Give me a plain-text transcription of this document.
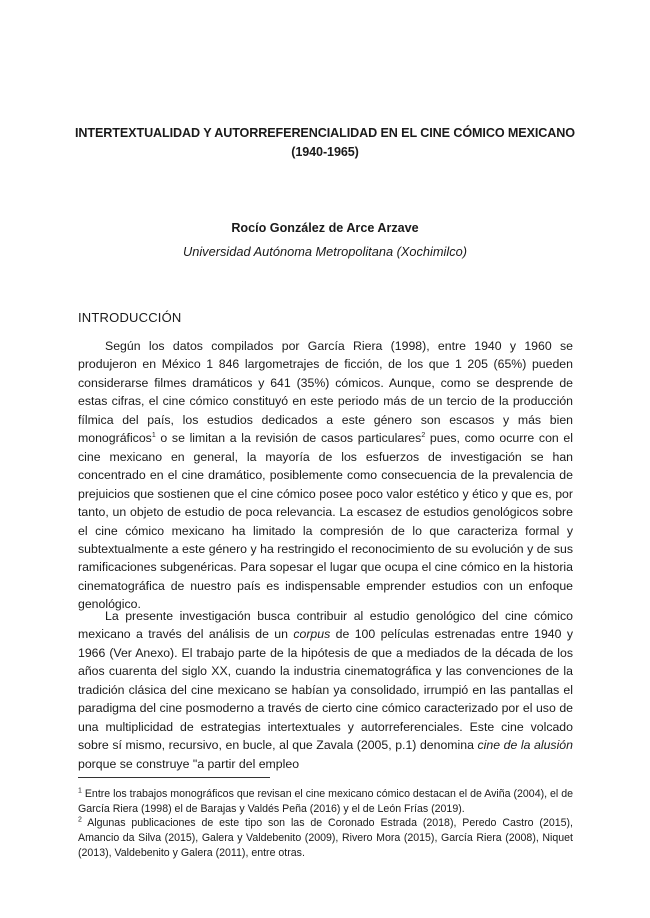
INTERTEXTUALIDAD Y AUTORREFERENCIALIDAD EN EL CINE CÓMICO MEXICANO
(1940-1965)
Rocío González de Arce Arzave
Universidad Autónoma Metropolitana (Xochimilco)
INTRODUCCIÓN

Según los datos compilados por García Riera (1998), entre 1940 y 1960 se produjeron en México 1 846 largometrajes de ficción, de los que 1 205 (65%) pueden considerarse filmes dramáticos y 641 (35%) cómicos. Aunque, como se desprende de estas cifras, el cine cómico constituyó en este periodo más de un tercio de la producción fílmica del país, los estudios dedicados a este género son escasos y más bien monográficos$^1$ o se limitan a la revisión de casos particulares$^2$ pues, como ocurre con el cine mexicano en general, la mayoría de los esfuerzos de investigación se han concentrado en el cine dramático, posiblemente como consecuencia de la prevalencia de prejuicios que sostienen que el cine cómico posee poco valor estético y ético y que es, por tanto, un objeto de estudio de poca relevancia. La escasez de estudios genológicos sobre el cine cómico mexicano ha limitado la compresión de lo que caracteriza formal y subtextualmente a este género y ha restringido el reconocimiento de su evolución y de sus ramificaciones subgenéricas. Para sopesar el lugar que ocupa el cine cómico en la historia cinematográfica de nuestro país es indispensable emprender estudios con un enfoque genológico.

La presente investigación busca contribuir al estudio genológico del cine cómico mexicano a través del análisis de un corpus de 100 películas estrenadas entre 1940 y 1966 (Ver Anexo). El trabajo parte de la hipótesis de que a mediados de la década de los años cuarenta del siglo XX, cuando la industria cinematográfica y las convenciones de la tradición clásica del cine mexicano se habían ya consolidado, irrumpió en las pantallas el paradigma del cine posmoderno a través de cierto cine cómico caracterizado por el uso de una multiplicidad de estrategias intertextuales y autorreferenciales. Este cine volcado sobre sí mismo, recursivo, en bucle, al que Zavala (2005, p.1) denomina cine de la alusión porque se construye "a partir del empleo

$^1$ Entre los trabajos monográficos que revisan el cine mexicano cómico destacan el de Aviña (2004), el de García Riera (1998) el de Barajas y Valdés Peña (2016) y el de León Frías (2019).

$^2$ Algunas publicaciones de este tipo son las de Coronado Estrada (2018), Peredo Castro (2015), Amancio da Silva (2015), Galera y Valdebenito (2009), Rivero Mora (2015), García Riera (2008), Niquet (2013), Valdebenito y Galera (2011), entre otras.
